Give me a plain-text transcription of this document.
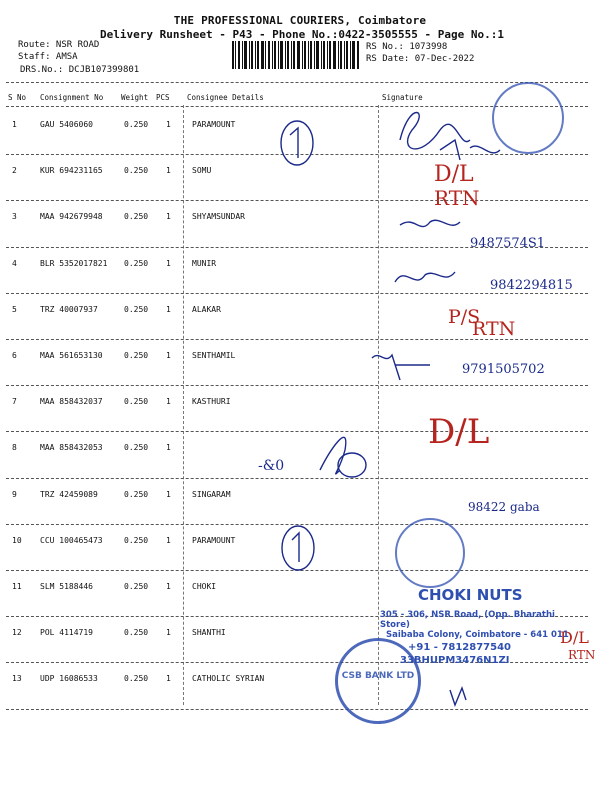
THE PROFESSIONAL COURIERS, Coimbatore
Delivery Runsheet - P43 - Phone No.:0422-3505555 - Page No.:1
Route: NSR ROAD
Staff: AMSA
DRS.No.: DCJB107399801
RS No.: 1073998
RS Date: 07-Dec-2022
S No Consignment No Weight PCS Consignee Details	Signature
1	GAU 5406060	0.250 1	PARAMOUNT
2	KUR 694231165	0.250 1	SOMU
3	MAA 942679948	0.250 1	SHYAMSUNDAR
4	BLR 5352017821 0.250 1	MUNIR
5	TRZ 40007937	0.250 1	ALAKAR
6	MAA 561653130	0.250 1	SENTHAMIL
7	MAA 858432037	0.250 1	KASTHURI
8	MAA 858432053	0.250 1
9	TRZ 42459089	0.250 1	SINGARAM
10 CCU 100465473	0.250 1	PARAMOUNT
11 SLM 5188446	0.250 1	CHOKI
12 POL 4114719	0.250 1	SHANTHI
13 UDP 16086533	0.250 1	CATHOLIC SYRIAN
D/L
RTN
9487574S1
9842294815
P/S
RTN
9791505702
D/L
-&0
98422 gaba
D/L
RTN
CSB BANK LTD
CHOKI NUTS
305 - 306, NSR Road, (Opp. Bharathi Store)
Saibaba Colony, Coimbatore - 641 011
+91 - 7812877540
33BHUPM3476N1ZI
